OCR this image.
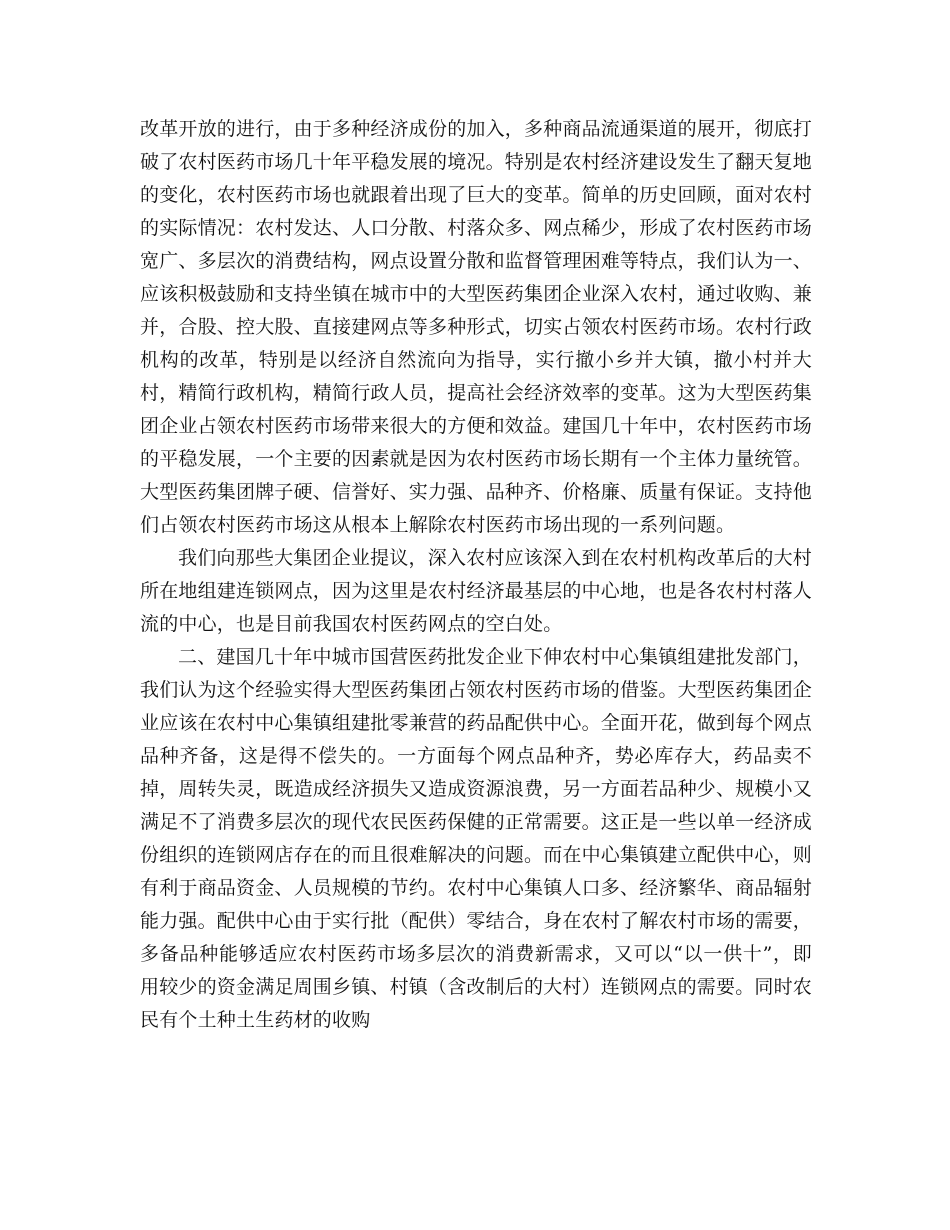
改革开放的进行，由于多种经济成份的加入，多种商品流通渠道的展开，彻底打破了农村医药市场几十年平稳发展的境况。特别是农村经济建设发生了翻天复地的变化，农村医药市场也就跟着出现了巨大的变革。简单的历史回顾，面对农村的实际情况：农村发达、人口分散、村落众多、网点稀少，形成了农村医药市场宽广、多层次的消费结构，网点设置分散和监督管理困难等特点，我们认为一、应该积极鼓励和支持坐镇在城市中的大型医药集团企业深入农村，通过收购、兼并，合股、控大股、直接建网点等多种形式，切实占领农村医药市场。农村行政机构的改革，特别是以经济自然流向为指导，实行撤小乡并大镇，撤小村并大村，精简行政机构，精简行政人员，提高社会经济效率的变革。这为大型医药集团企业占领农村医药市场带来很大的方便和效益。建国几十年中，农村医药市场的平稳发展，一个主要的因素就是因为农村医药市场长期有一个主体力量统管。大型医药集团牌子硬、信誉好、实力强、品种齐、价格廉、质量有保证。支持他们占领农村医药市场这从根本上解除农村医药市场出现的一系列问题。

我们向那些大集团企业提议，深入农村应该深入到在农村机构改革后的大村所在地组建连锁网点，因为这里是农村经济最基层的中心地，也是各农村村落人流的中心，也是目前我国农村医药网点的空白处。

二、建国几十年中城市国营医药批发企业下伸农村中心集镇组建批发部门，我们认为这个经验实得大型医药集团占领农村医药市场的借鉴。大型医药集团企业应该在农村中心集镇组建批零兼营的药品配供中心。全面开花，做到每个网点品种齐备，这是得不偿失的。一方面每个网点品种齐，势必库存大，药品卖不掉，周转失灵，既造成经济损失又造成资源浪费，另一方面若品种少、规模小又满足不了消费多层次的现代农民医药保健的正常需要。这正是一些以单一经济成份组织的连锁网店存在的而且很难解决的问题。而在中心集镇建立配供中心，则有利于商品资金、人员规模的节约。农村中心集镇人口多、经济繁华、商品辐射能力强。配供中心由于实行批（配供）零结合，身在农村了解农村市场的需要，多备品种能够适应农村医药市场多层次的消费新需求，又可以“以一供十”，即用较少的资金满足周围乡镇、村镇（含改制后的大村）连锁网点的需要。同时农民有个土种土生药材的收购
